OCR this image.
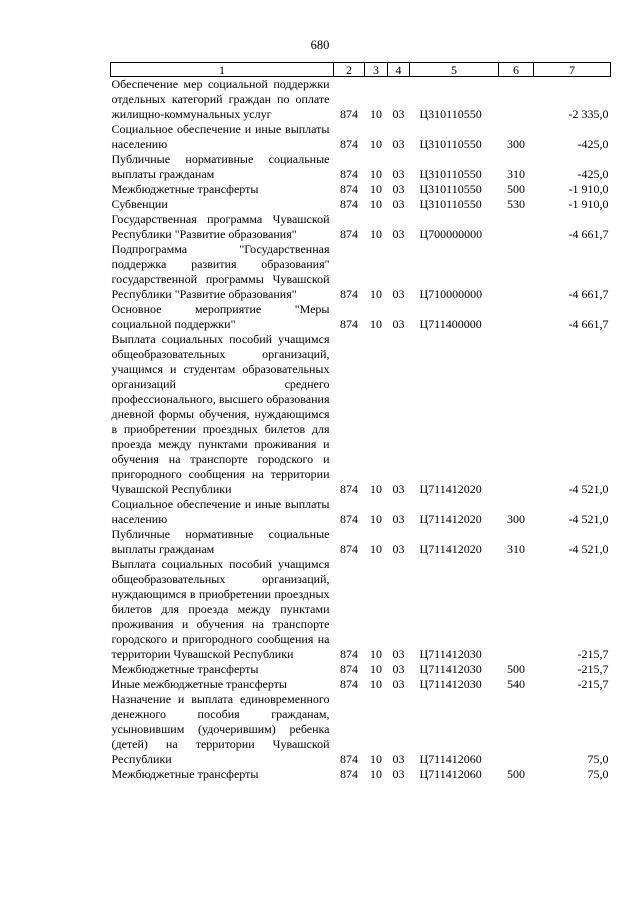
680
1	2	3	4	5	6	7
Обеспечение мер социальной поддержки отдельных категорий граждан по оплате жилищно-коммунальных услуг	874	10	03	Ц310110550		-2 335,0
Социальное обеспечение и иные выплаты населению	874	10	03	Ц310110550	300	-425,0
Публичные нормативные социальные выплаты гражданам	874	10	03	Ц310110550	310	-425,0
Межбюджетные трансферты	874	10	03	Ц310110550	500	-1 910,0
Субвенции	874	10	03	Ц310110550	530	-1 910,0
Государственная программа Чувашской Республики "Развитие образования"	874	10	03	Ц700000000		-4 661,7
Подпрограмма "Государственная поддержка развития образования" государственной программы Чувашской Республики "Развитие образования"	874	10	03	Ц710000000		-4 661,7
Основное мероприятие "Меры социальной поддержки"	874	10	03	Ц711400000		-4 661,7
Выплата социальных пособий учащимся общеобразовательных организаций, учащимся и студентам образовательных организаций среднего профессионального, высшего образования дневной формы обучения, нуждающимся в приобретении проездных билетов для проезда между пунктами проживания и обучения на транспорте городского и пригородного сообщения на территории Чувашской Республики	874	10	03	Ц711412020		-4 521,0
Социальное обеспечение и иные выплаты населению	874	10	03	Ц711412020	300	-4 521,0
Публичные нормативные социальные выплаты гражданам	874	10	03	Ц711412020	310	-4 521,0
Выплата социальных пособий учащимся общеобразовательных организаций, нуждающимся в приобретении проездных билетов для проезда между пунктами проживания и обучения на транспорте городского и пригородного сообщения на территории Чувашской Республики	874	10	03	Ц711412030		-215,7
Межбюджетные трансферты	874	10	03	Ц711412030	500	-215,7
Иные межбюджетные трансферты	874	10	03	Ц711412030	540	-215,7
Назначение и выплата единовременного денежного пособия гражданам, усыновившим (удочерившим) ребенка (детей) на территории Чувашской Республики	874	10	03	Ц711412060		75,0
Межбюджетные трансферты	874	10	03	Ц711412060	500	75,0
